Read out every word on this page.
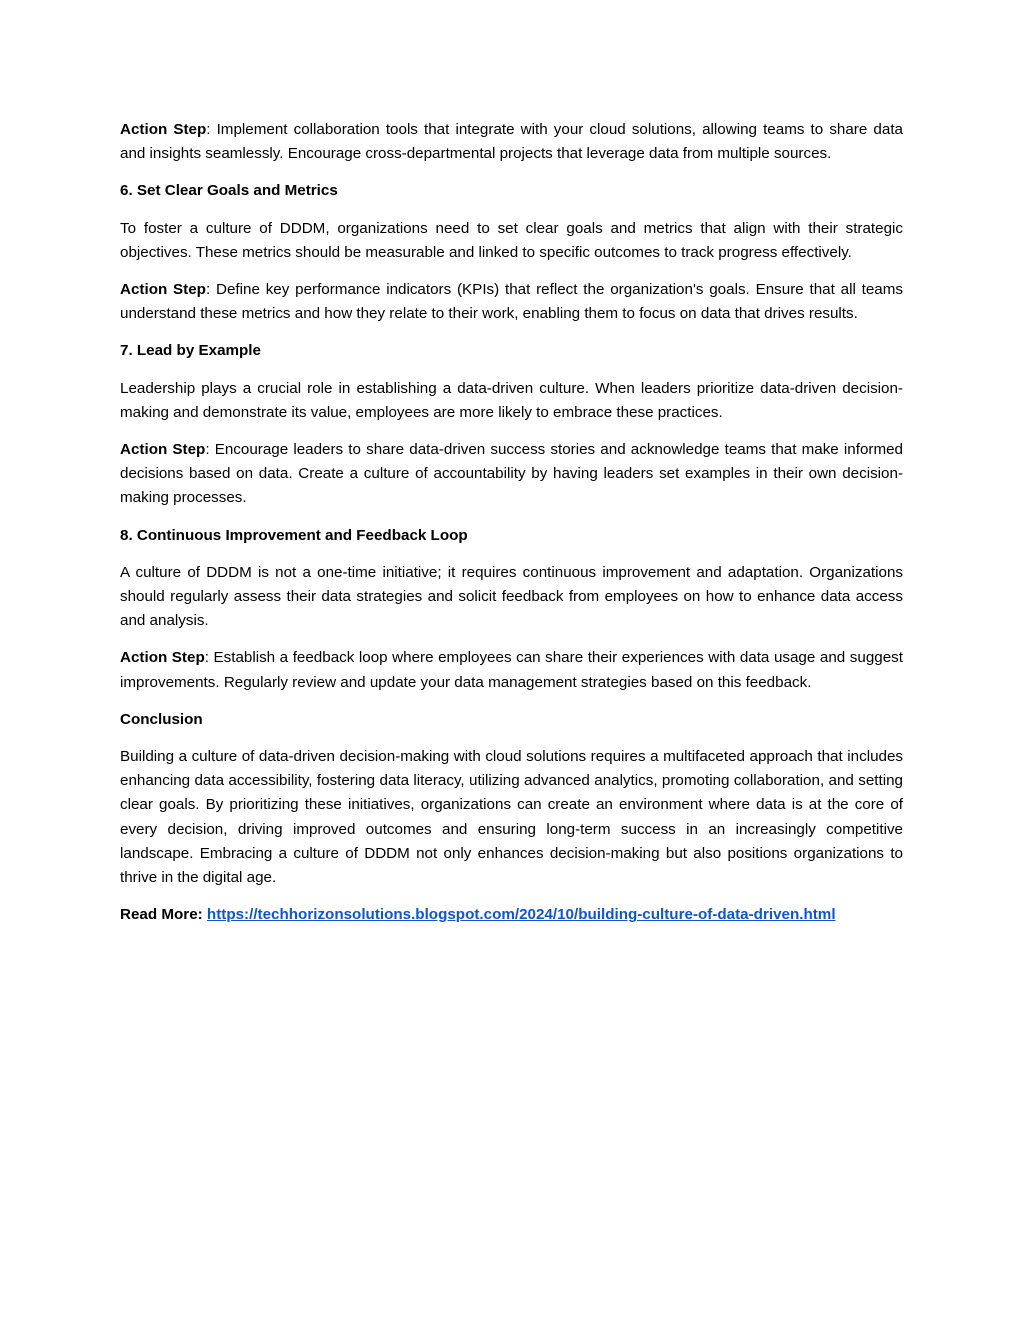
Action Step: Implement collaboration tools that integrate with your cloud solutions, allowing teams to share data and insights seamlessly. Encourage cross-departmental projects that leverage data from multiple sources.

6. Set Clear Goals and Metrics

To foster a culture of DDDM, organizations need to set clear goals and metrics that align with their strategic objectives. These metrics should be measurable and linked to specific outcomes to track progress effectively.

Action Step: Define key performance indicators (KPIs) that reflect the organization's goals. Ensure that all teams understand these metrics and how they relate to their work, enabling them to focus on data that drives results.

7. Lead by Example

Leadership plays a crucial role in establishing a data-driven culture. When leaders prioritize data-driven decision-making and demonstrate its value, employees are more likely to embrace these practices.

Action Step: Encourage leaders to share data-driven success stories and acknowledge teams that make informed decisions based on data. Create a culture of accountability by having leaders set examples in their own decision-making processes.

8. Continuous Improvement and Feedback Loop

A culture of DDDM is not a one-time initiative; it requires continuous improvement and adaptation. Organizations should regularly assess their data strategies and solicit feedback from employees on how to enhance data access and analysis.

Action Step: Establish a feedback loop where employees can share their experiences with data usage and suggest improvements. Regularly review and update your data management strategies based on this feedback.

Conclusion

Building a culture of data-driven decision-making with cloud solutions requires a multifaceted approach that includes enhancing data accessibility, fostering data literacy, utilizing advanced analytics, promoting collaboration, and setting clear goals. By prioritizing these initiatives, organizations can create an environment where data is at the core of every decision, driving improved outcomes and ensuring long-term success in an increasingly competitive landscape. Embracing a culture of DDDM not only enhances decision-making but also positions organizations to thrive in the digital age.

Read More: https://techhorizonsolutions.blogspot.com/2024/10/building-culture-of-data-driven.html
